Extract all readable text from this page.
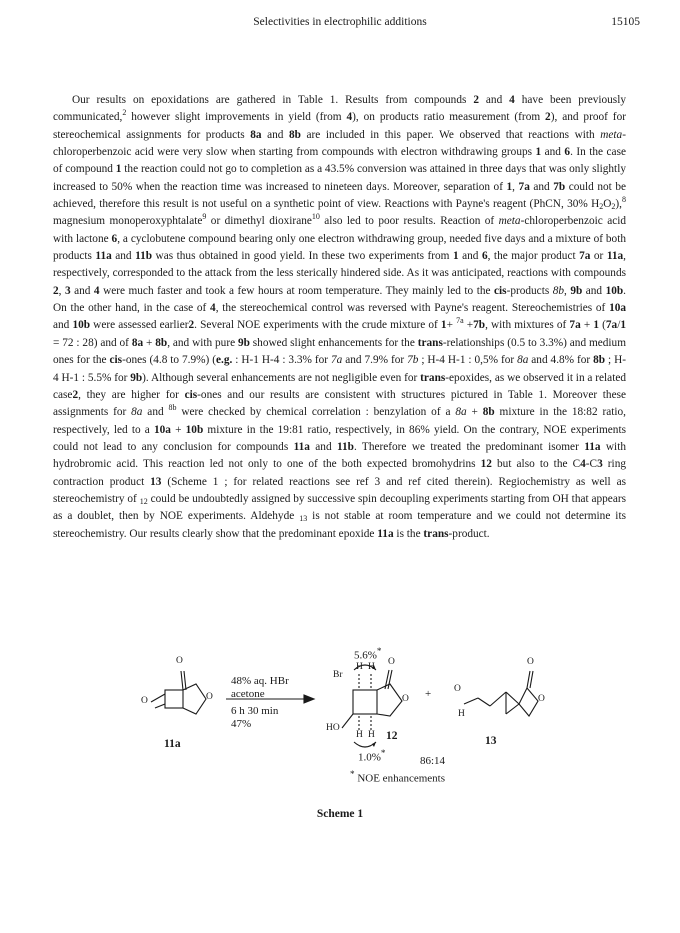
Selectivities in electrophilic additions	15105

Our results on epoxidations are gathered in Table 1. Results from compounds 2 and 4 have been previously communicated,$^2$ however slight improvements in yield (from 4), on products ratio measurement (from 2), and proof for stereochemical assignments for products 8a and 8b are included in this paper. We observed that reactions with meta-chloroperbenzoic acid were very slow when starting from compounds with electron withdrawing groups 1 and 6. In the case of compound 1 the reaction could not go to completion as a 43.5% conversion was attained in three days that was only slightly increased to 50% when the reaction time was increased to nineteen days. Moreover, separation of 1, 7a and 7b could not be achieved, therefore this result is not useful on a synthetic point of view. Reactions with Payne's reagent (PhCN, 30% $H_2O_2),^8$ magnesium monoperoxyphtalate$^9$ or dimethyl dioxirane$^{10}$ also led to poor results. Reaction of meta-chloroperbenzoic acid with lactone 6, a cyclobutene compound bearing only one electron withdrawing group, needed five days and a mixture of both products 11a and 11b was thus obtained in good yield. In these two experiments from 1 and 6, the major product 7a or 11a, respectively, corresponded to the attack from the less sterically hindered side. As it was anticipated, reactions with compounds 2, 3 and 4 were much faster and took a few hours at room temperature. They mainly led to the cis-products 8b, 9b and 10b. On the other hand, in the case of 4, the stereochemical control was reversed with Payne's reagent. Stereochemistries of 10a and 10b were assessed earlier2. Several NOE experiments with the crude mixture of 1+ $^{7a}$ +7b, with mixtures of 7a + 1 (7a/1 = 72 : 28) and of 8a + 8b, and with pure 9b showed slight enhancements for the trans-relationships (0.5 to 3.3%) and medium ones for the cis-ones (4.8 to 7.9%) (e.g. : H-1 H-4 : 3.3% for 7a and 7.9% for 7b ; H-4 H-1 : 0,5% for 8a and 4.8% for 8b ; H-4 H-1 : 5.5% for 9b). Although several enhancements are not negligible even for trans-epoxides, as we observed it in a related case2, they are higher for cis-ones and our results are consistent with structures pictured in Table 1. Moreover these assignments for 8a and $^{8b}$ were checked by chemical correlation : benzylation of a 8a + 8b mixture in the 18:82 ratio, respectively, led to a 10a + 10b mixture in the 19:81 ratio, respectively, in 86% yield. On the contrary, NOE experiments could not lead to any conclusion for compounds 11a and 11b. Therefore we treated the predominant isomer 11a with hydrobromic acid. This reaction led not only to one of the both expected bromohydrins 12 but also to the C4-C3 ring contraction product 13 (Scheme 1 ; for related reactions see ref 3 and ref cited therein). Regiochemistry as well as stereochemistry of $_{12}$ could be undoubtedly assigned by successive spin decoupling experiments starting from OH that appears as a doublet, then by NOE experiments. Aldehyde $_{13}$ is not stable at room temperature and we could not determine its stereochemistry. Our results clearly show that the predominant epoxide 11a is the trans-product.

O
O
O
11a
48% aq. HBr
acetone
6 h 30 min
47%
5.6%*
Br
H H O
O
HO
H H 12
1.0%*
+ O
H
O
O
13
86:14
* NOE enhancements
Scheme 1
